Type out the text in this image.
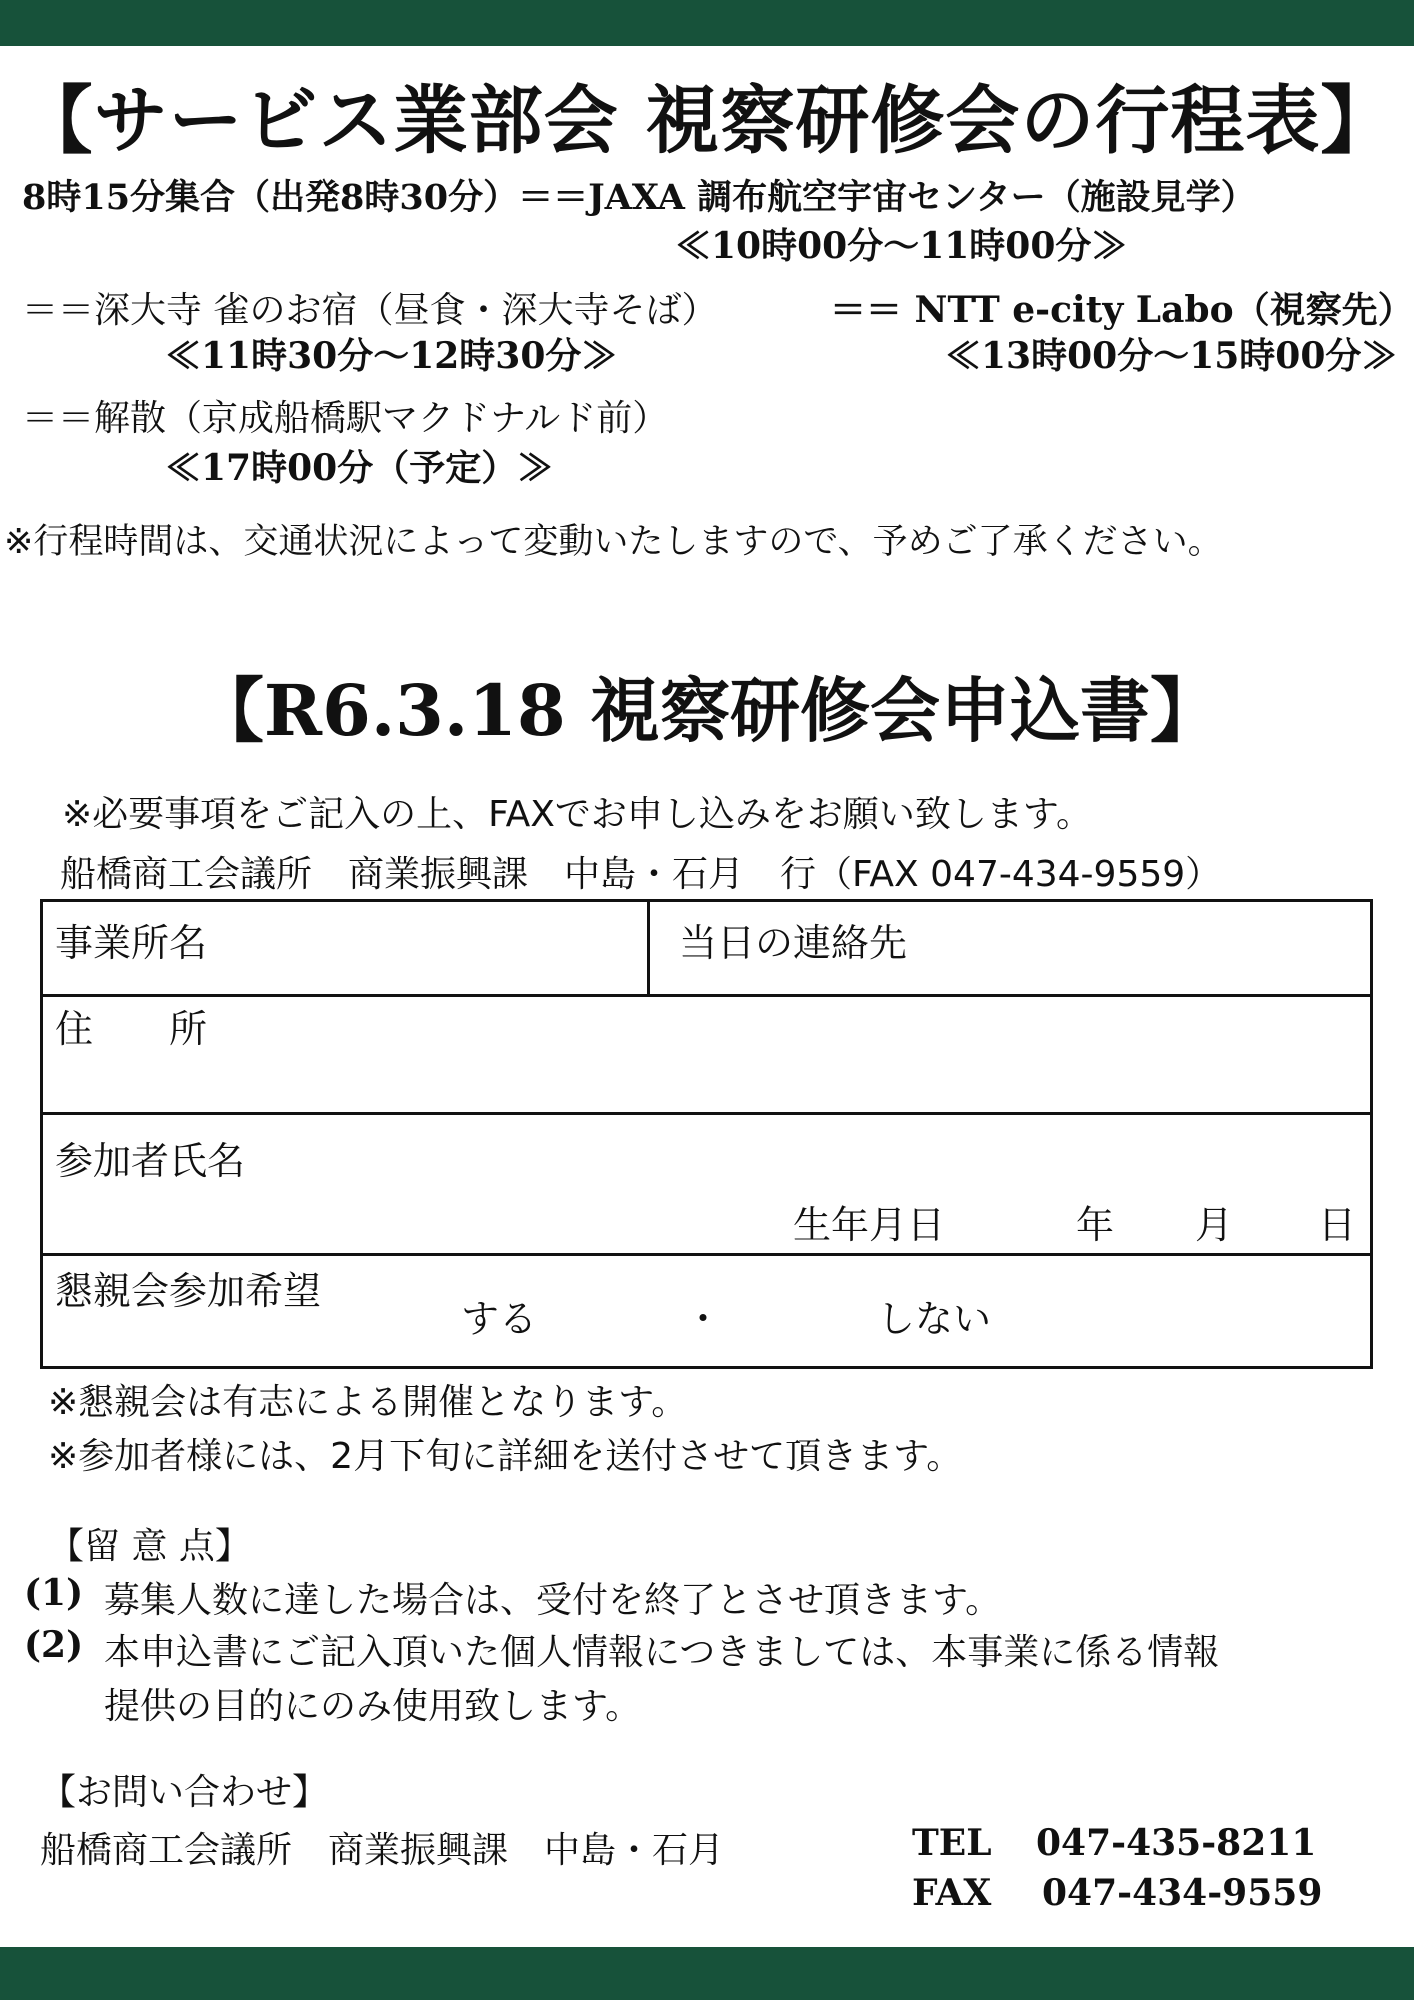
【サービス業部会 視察研修会の行程表】
8時15分集合（出発8時30分）＝＝JAXA 調布航空宇宙センター（施設見学）
≪10時00分～11時00分≫
＝＝深大寺 雀のお宿（昼食・深大寺そば）	＝＝ NTT e-city Labo（視察先）
≪11時30分～12時30分≫	≪13時00分～15時00分≫
＝＝解散（京成船橋駅マクドナルド前）
≪17時00分（予定）≫
※行程時間は、交通状況によって変動いたしますので、予めご了承ください。
【R6.3.18 視察研修会申込書】
※必要事項をご記入の上、FAXでお申し込みをお願い致します。
船橋商工会議所　商業振興課　中島・石月　行（FAX 047-434-9559）
事業所名	当日の連絡先
住　　所
参加者氏名
生年月日	年 月 日
懇親会参加希望
する	・	しない
※懇親会は有志による開催となります。
※参加者様には、2月下旬に詳細を送付させて頂きます。
【留 意 点】
(1) 募集人数に達した場合は、受付を終了とさせ頂きます。
(2) 本申込書にご記入頂いた個人情報につきましては、本事業に係る情報
提供の目的にのみ使用致します。
【お問い合わせ】
船橋商工会議所　商業振興課　中島・石月	TEL 047-435-8211
FAX 047-434-9559
